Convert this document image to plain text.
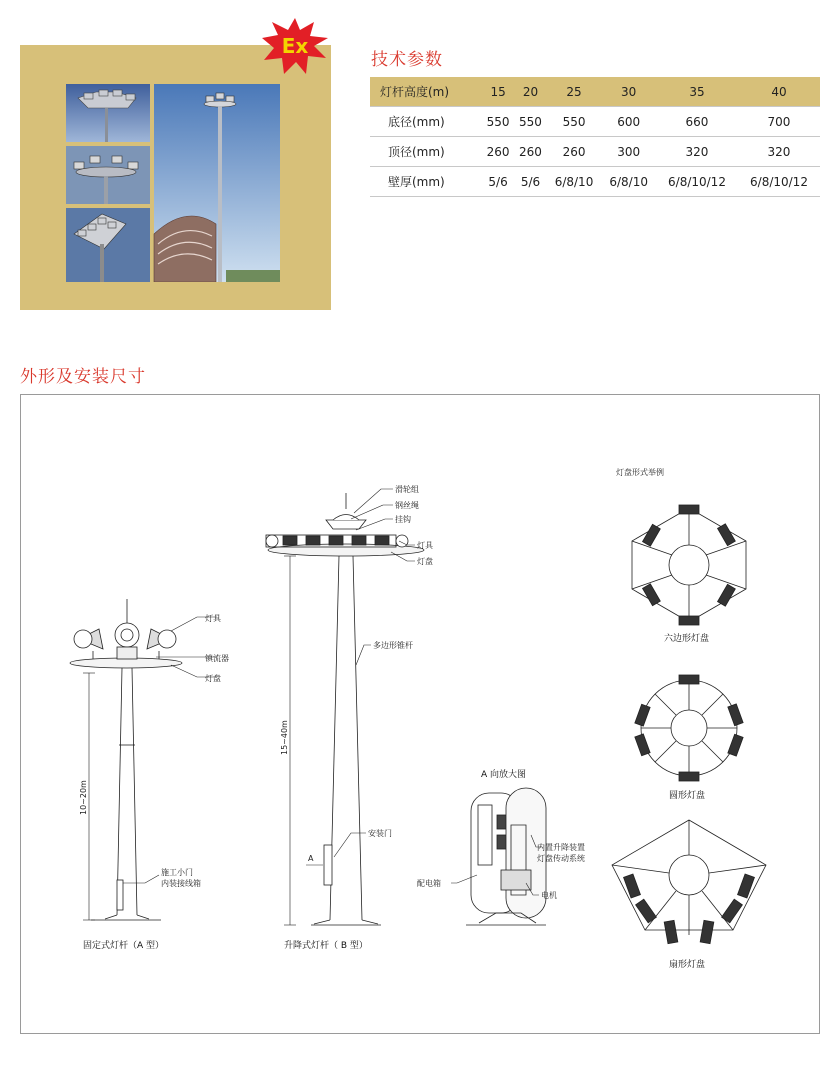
Ex
技术参数
灯杆高度(m)	15	20	25	30	35	40
底径(mm)	550	550	550	600	660	700
顶径(mm)	260	260	260	300	320	320
壁厚(mm)	5/6	5/6	6/8/10	6/8/10	6/8/10/12	6/8/10/12
外形及安装尺寸
灯具
镇流器
灯盘
施工小门
内装接线箱
10~20m
固定式灯杆（A 型）
滑轮组
钢丝绳
挂钩
灯具
灯盘
多边形锥杆
安装门
A
15~40m
升降式灯杆（ B 型）
A 向放大图
内置升降装置
灯盘传动系统
配电箱
电机
灯盘形式举例
六边形灯盘
圆形灯盘
扇形灯盘
